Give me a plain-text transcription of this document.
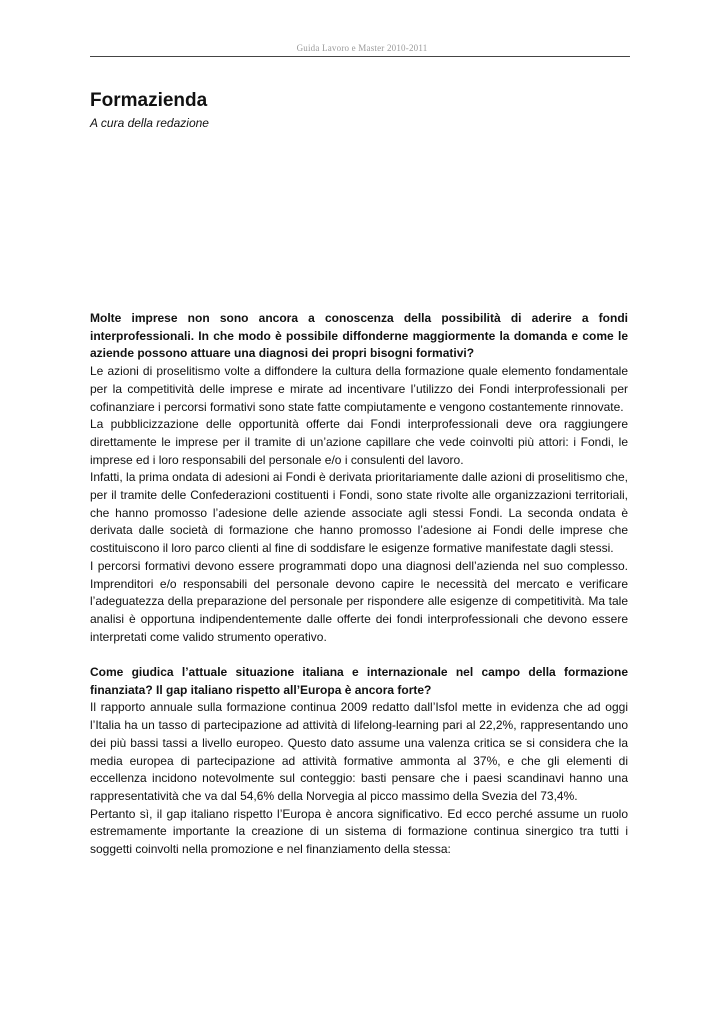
Guida Lavoro e Master 2010-2011
Formazienda
A cura della redazione

Molte imprese non sono ancora a conoscenza della possibilità di aderire a fondi interprofessionali. In che modo è possibile diffonderne maggiormente la domanda e come le aziende possono attuare una diagnosi dei propri bisogni formativi?

Le azioni di proselitismo volte a diffondere la cultura della formazione quale elemento fondamentale per la competitività delle imprese e mirate ad incentivare l’utilizzo dei Fondi interprofessionali per cofinanziare i percorsi formativi sono state fatte compiutamente e vengono costantemente rinnovate.

La pubblicizzazione delle opportunità offerte dai Fondi interprofessionali deve ora raggiungere direttamente le imprese per il tramite di un’azione capillare che vede coinvolti più attori: i Fondi, le imprese ed i loro responsabili del personale e/o i consulenti del lavoro.

Infatti, la prima ondata di adesioni ai Fondi è derivata prioritariamente dalle azioni di proselitismo che, per il tramite delle Confederazioni costituenti i Fondi, sono state rivolte alle organizzazioni territoriali, che hanno promosso l’adesione delle aziende associate agli stessi Fondi. La seconda ondata è derivata dalle società di formazione che hanno promosso l’adesione ai Fondi delle imprese che costituiscono il loro parco clienti al fine di soddisfare le esigenze formative manifestate dagli stessi.

I percorsi formativi devono essere programmati dopo una diagnosi dell’azienda nel suo complesso. Imprenditori e/o responsabili del personale devono capire le necessità del mercato e verificare l’adeguatezza della preparazione del personale per rispondere alle esigenze di competitività. Ma tale analisi è opportuna indipendentemente dalle offerte dei fondi interprofessionali che devono essere interpretati come valido strumento operativo.

Come giudica l’attuale situazione italiana e internazionale nel campo della formazione finanziata? Il gap italiano rispetto all’Europa è ancora forte?

Il rapporto annuale sulla formazione continua 2009 redatto dall’Isfol mette in evidenza che ad oggi l’Italia ha un tasso di partecipazione ad attività di lifelong-learning pari al 22,2%, rappresentando uno dei più bassi tassi a livello europeo. Questo dato assume una valenza critica se si considera che la media europea di partecipazione ad attività formative ammonta al 37%, e che gli elementi di eccellenza incidono notevolmente sul conteggio: basti pensare che i paesi scandinavi hanno una rappresentatività che va dal 54,6% della Norvegia al picco massimo della Svezia del 73,4%.

Pertanto sì, il gap italiano rispetto l’Europa è ancora significativo. Ed ecco perché assume un ruolo estremamente importante la creazione di un sistema di formazione continua sinergico tra tutti i soggetti coinvolti nella promozione e nel finanziamento della stessa:
